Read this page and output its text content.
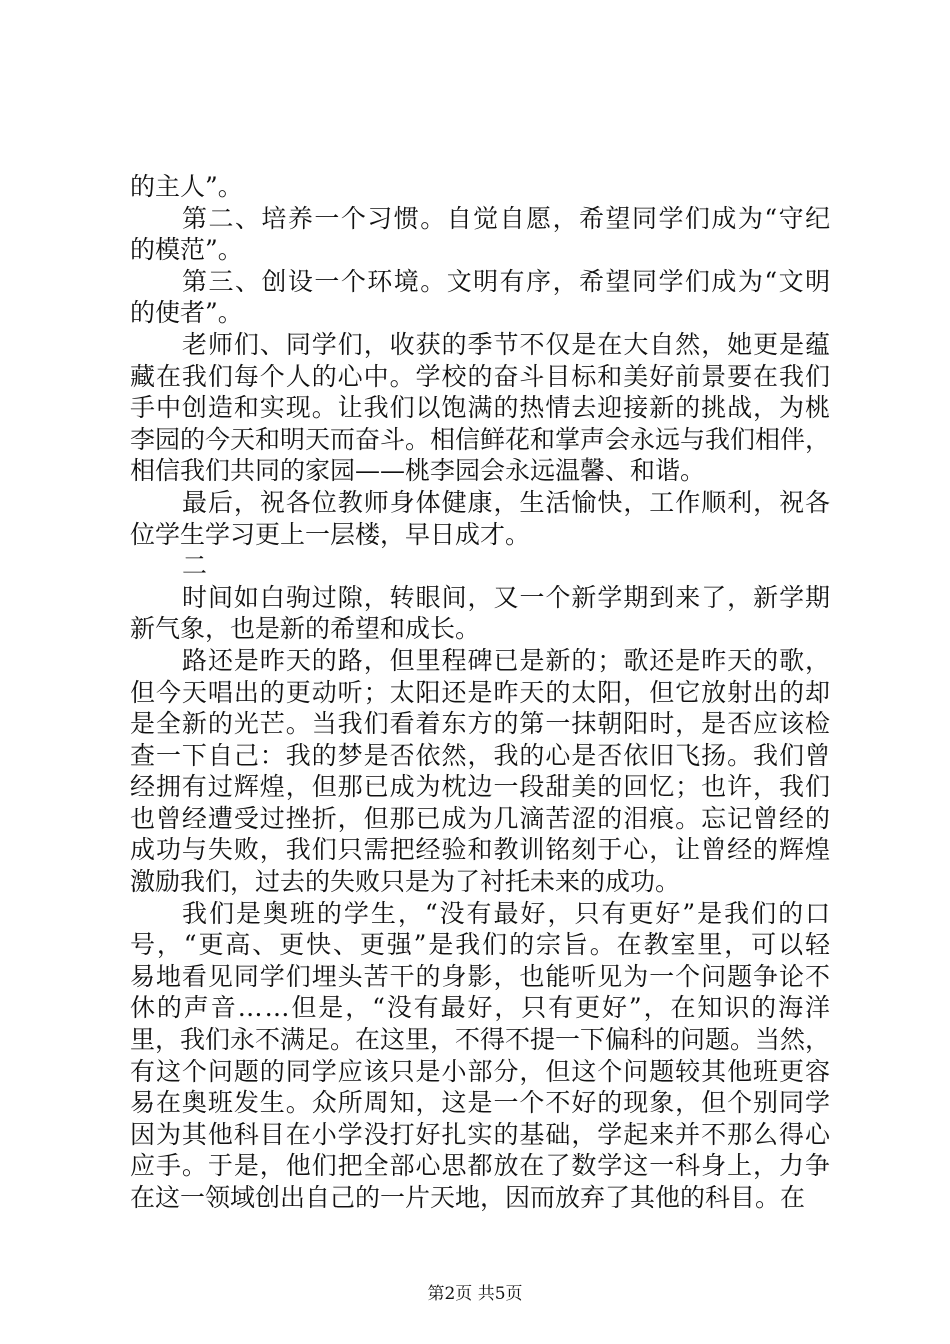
的主人”。
第二、培养一个习惯。自觉自愿，希望同学们成为“守纪
的模范”。
第三、创设一个环境。文明有序，希望同学们成为“文明
的使者”。
老师们、同学们，收获的季节不仅是在大自然，她更是蕴
藏在我们每个人的心中。学校的奋斗目标和美好前景要在我们
手中创造和实现。让我们以饱满的热情去迎接新的挑战，为桃
李园的今天和明天而奋斗。相信鲜花和掌声会永远与我们相伴，
相信我们共同的家园——桃李园会永远温馨、和谐。
最后，祝各位教师身体健康，生活愉快，工作顺利，祝各
位学生学习更上一层楼，早日成才。
二
时间如白驹过隙，转眼间，又一个新学期到来了，新学期
新气象，也是新的希望和成长。
路还是昨天的路，但里程碑已是新的；歌还是昨天的歌，
但今天唱出的更动听；太阳还是昨天的太阳，但它放射出的却
是全新的光芒。当我们看着东方的第一抹朝阳时，是否应该检
查一下自己：我的梦是否依然，我的心是否依旧飞扬。我们曾
经拥有过辉煌，但那已成为枕边一段甜美的回忆；也许，我们
也曾经遭受过挫折，但那已成为几滴苦涩的泪痕。忘记曾经的
成功与失败，我们只需把经验和教训铭刻于心，让曾经的辉煌
激励我们，过去的失败只是为了衬托未来的成功。
我们是奥班的学生，“没有最好，只有更好”是我们的口
号，“更高、更快、更强”是我们的宗旨。在教室里，可以轻
易地看见同学们埋头苦干的身影，也能听见为一个问题争论不
休的声音……但是，“没有最好，只有更好”，在知识的海洋
里，我们永不满足。在这里，不得不提一下偏科的问题。当然，
有这个问题的同学应该只是小部分，但这个问题较其他班更容
易在奥班发生。众所周知，这是一个不好的现象，但个别同学
因为其他科目在小学没打好扎实的基础，学起来并不那么得心
应手。于是，他们把全部心思都放在了数学这一科身上，力争
在这一领域创出自己的一片天地，因而放弃了其他的科目。在
第2页 共5页
